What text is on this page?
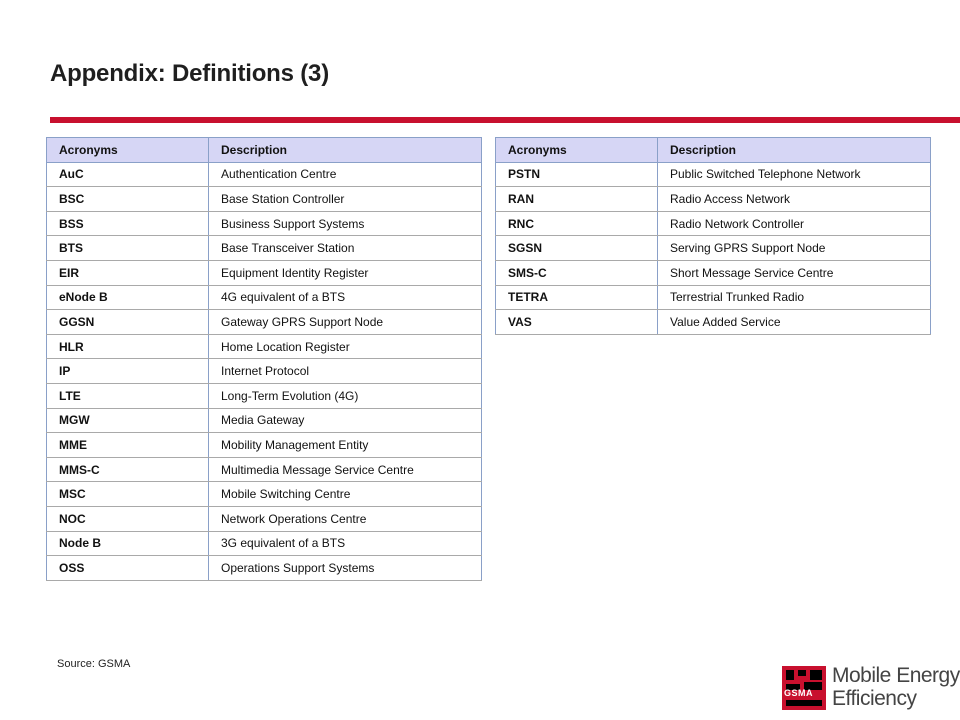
Appendix: Definitions (3)
Acronyms	Description
AuC	Authentication Centre
BSC	Base Station Controller
BSS	Business Support Systems
BTS	Base Transceiver Station
EIR	Equipment Identity Register
eNode B	4G equivalent of a BTS
GGSN	Gateway GPRS Support Node
HLR	Home Location Register
IP	Internet Protocol
LTE	Long-Term Evolution (4G)
MGW	Media Gateway
MME	Mobility Management Entity
MMS-C	Multimedia Message Service Centre
MSC	Mobile Switching Centre
NOC	Network Operations Centre
Node B	3G equivalent of a BTS
OSS	Operations Support Systems
Acronyms	Description
PSTN	Public Switched Telephone Network
RAN	Radio Access Network
RNC	Radio Network Controller
SGSN	Serving GPRS Support Node
SMS-C	Short Message Service Centre
TETRA	Terrestrial Trunked Radio
VAS	Value Added Service
Source: GSMA
GSMA
Mobile Energy
Efficiency
